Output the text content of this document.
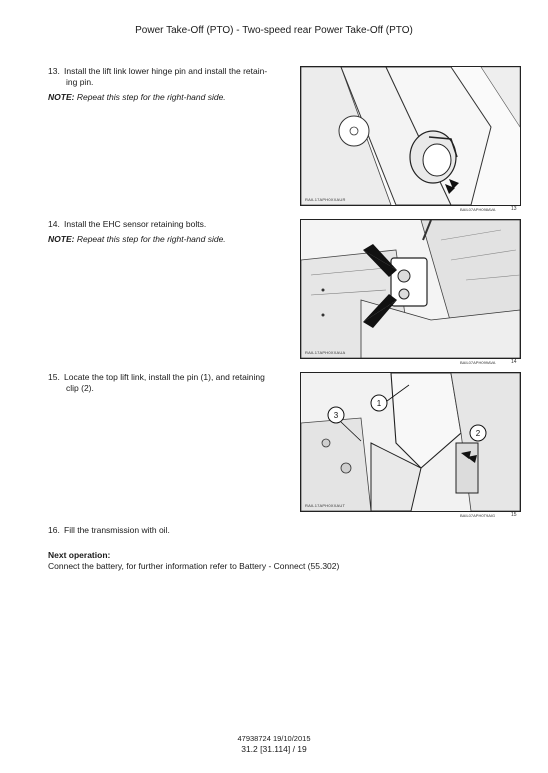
Power Take-Off (PTO) - Two-speed rear Power Take-Off (PTO)
13. Install the lift link lower hinge pin and install the retain-
ing pin.
NOTE: Repeat this step for the right-hand side.
RAIL17APH0XXAUR
BAIL07APH098AVA	13
14. Install the EHC sensor retaining bolts.
NOTE: Repeat this step for the right-hand side.
RAIL17APH0XXAUA
BAIL07APH099AVA	14
15. Locate the top lift link, install the pin (1), and retaining
clip (2).
1
3
2
RAIL17APH0XXAUT
BAIL07APH0T9AIG	15
16. Fill the transmission with oil.
Next operation:
Connect the battery, for further information refer to Battery - Connect (55.302)
47938724 19/10/2015
31.2 [31.114] / 19
